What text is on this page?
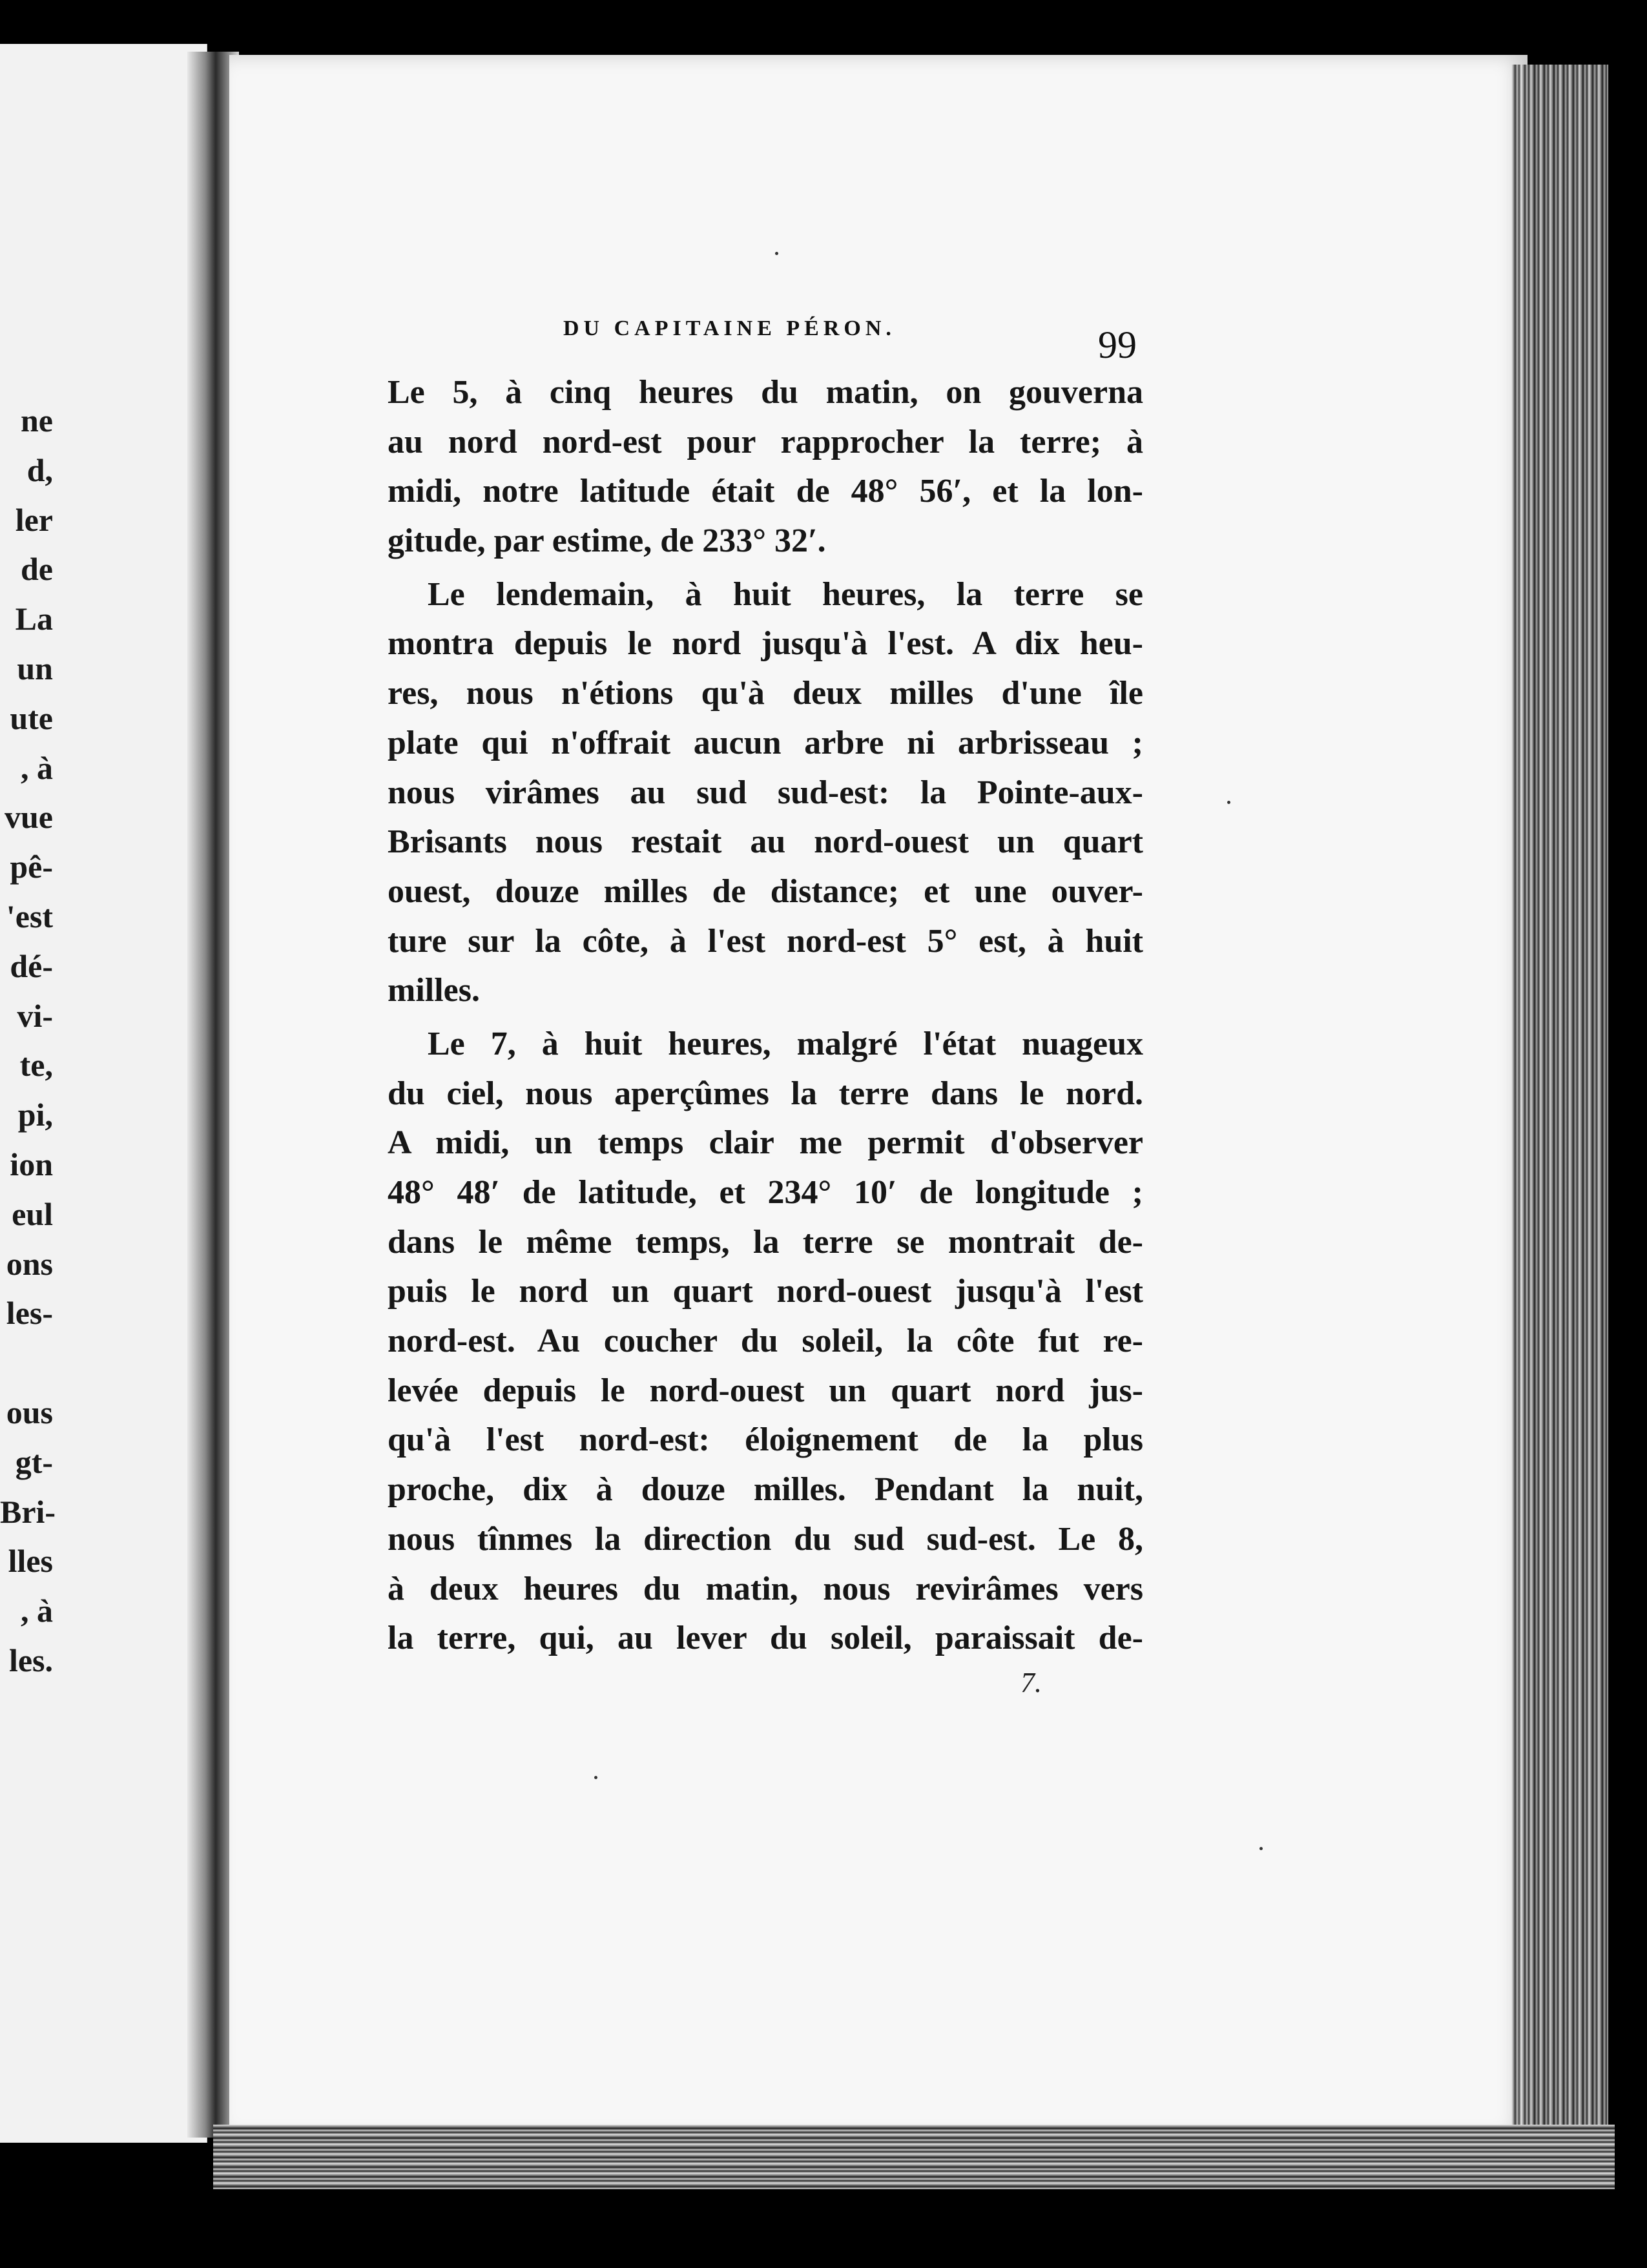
ne
d,
ler
de
La
un
ute
, à
vue
pê-
'est
dé-
vi-
te,
pi,
ion
eul
ons
les-
ous
gt-
Bri-
lles
, à
les.
DU CAPITAINE PÉRON.	99
Le 5, à cinq heures du matin, on gouverna
au nord nord-est pour rapprocher la terre; à
midi, notre latitude était de 48° 56′, et la lon-
gitude, par estime, de 233° 32′.
Le lendemain, à huit heures, la terre se
montra depuis le nord jusqu'à l'est. A dix heu-
res, nous n'étions qu'à deux milles d'une île
plate qui n'offrait aucun arbre ni arbrisseau ;
nous virâmes au sud sud-est: la Pointe-aux-
Brisants nous restait au nord-ouest un quart
ouest, douze milles de distance; et une ouver-
ture sur la côte, à l'est nord-est 5° est, à huit
milles.
Le 7, à huit heures, malgré l'état nuageux
du ciel, nous aperçûmes la terre dans le nord.
A midi, un temps clair me permit d'observer
48° 48′ de latitude, et 234° 10′ de longitude ;
dans le même temps, la terre se montrait de-
puis le nord un quart nord-ouest jusqu'à l'est
nord-est. Au coucher du soleil, la côte fut re-
levée depuis le nord-ouest un quart nord jus-
qu'à l'est nord-est: éloignement de la plus
proche, dix à douze milles. Pendant la nuit,
nous tînmes la direction du sud sud-est. Le 8,
à deux heures du matin, nous revirâmes vers
la terre, qui, au lever du soleil, paraissait de-
7.
